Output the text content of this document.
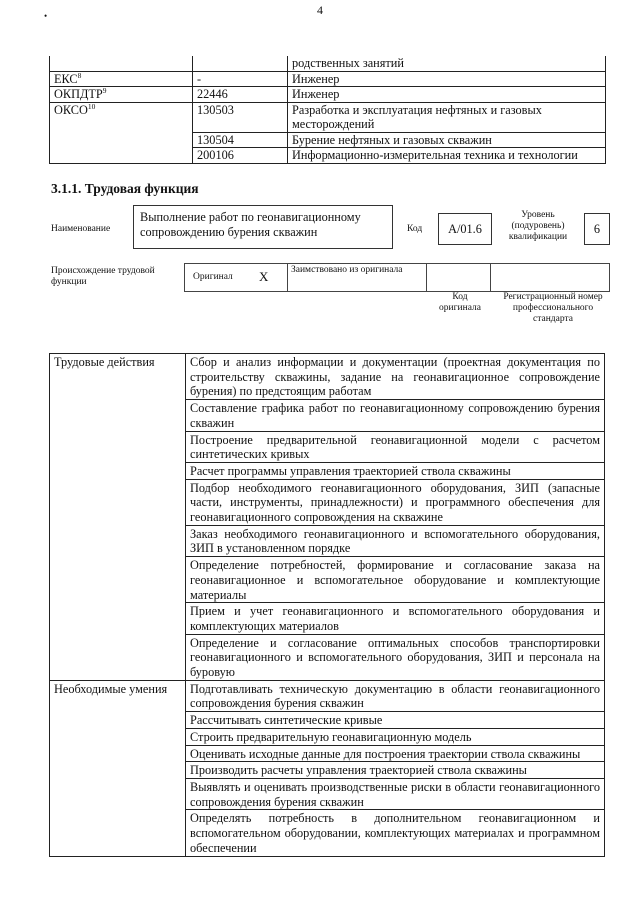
4
•
		родственных занятий
ЕКС$^8$	-	Инженер
ОКПДТР$^9$	22446	Инженер
ОКСО$^{10}$	130503	Разработка и эксплуатация нефтяных и газовых месторождений
	130504	Бурение нефтяных и газовых скважин
	200106	Информационно-измерительная техника и технологии
3.1.1. Трудовая функция
Наименование
Выполнение работ по геонавигационному сопровождению бурения скважин	Код	А/01.6
Уровень (подуровень) квалификации
6
Происхождение трудовой функции	Оригинал X Заимствовано из оригинала
Код оригинала
Регистрационный номер профессионального стандарта
Трудовые действия	Сбор и анализ информации и документации (проектная документация по строительству скважины, задание на геонавигационное сопровождение бурения) по предстоящим работам
	Составление графика работ по геонавигационному сопровождению бурения скважин
	Построение предварительной геонавигационной модели с расчетом синтетических кривых
	Расчет программы управления траекторией ствола скважины
	Подбор необходимого геонавигационного оборудования, ЗИП (запасные части, инструменты, принадлежности) и программного обеспечения для геонавигационного сопровождения на скважине
	Заказ необходимого геонавигационного и вспомогательного оборудования, ЗИП в установленном порядке
	Определение потребностей, формирование и согласование заказа на геонавигационное и вспомогательное оборудование и комплектующие материалы
	Прием и учет геонавигационного и вспомогательного оборудования и комплектующих материалов
	Определение и согласование оптимальных способов транспортировки геонавигационного и вспомогательного оборудования, ЗИП и персонала на буровую
Необходимые умения	Подготавливать техническую документацию в области геонавигационного сопровождения бурения скважин
	Рассчитывать синтетические кривые
	Строить предварительную геонавигационную модель
	Оценивать исходные данные для построения траектории ствола скважины
	Производить расчеты управления траекторией ствола скважины
	Выявлять и оценивать производственные риски в области геонавигационного сопровождения бурения скважин
	Определять потребность в дополнительном геонавигационном и вспомогательном оборудовании, комплектующих материалах и программном обеспечении
